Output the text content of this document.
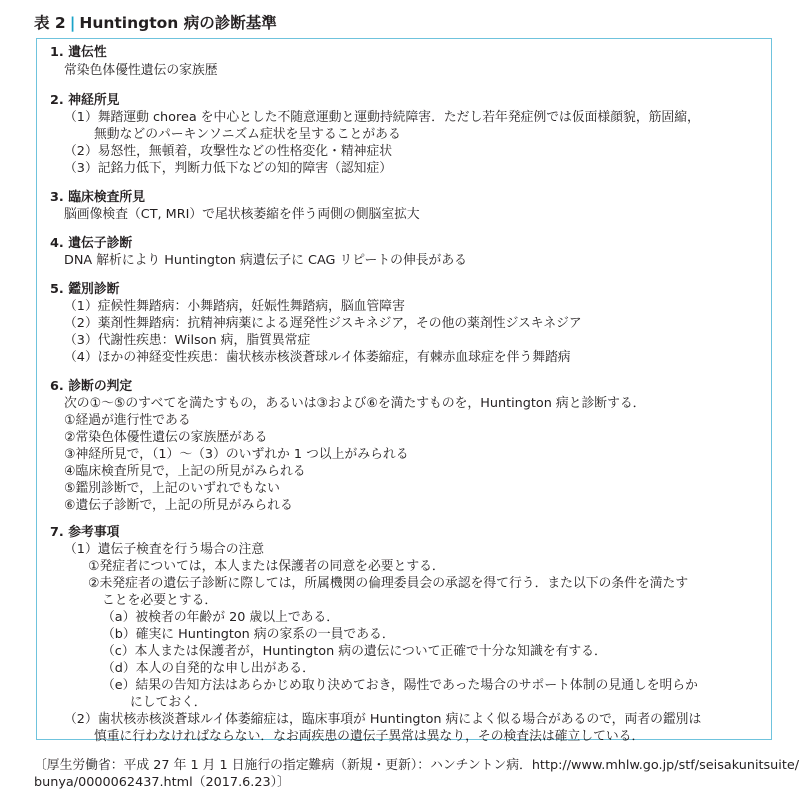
表 2 | Huntington 病の診断基準
1. 遺伝性
常染色体優性遺伝の家族歴
2. 神経所見
（1）舞踏運動 chorea を中心とした不随意運動と運動持続障害．ただし若年発症例では仮面様顔貌，筋固縮，
無動などのパーキンソニズム症状を呈することがある
（2）易怒性，無頓着，攻撃性などの性格変化・精神症状
（3）記銘力低下，判断力低下などの知的障害（認知症）
3. 臨床検査所見
脳画像検査（CT, MRI）で尾状核萎縮を伴う両側の側脳室拡大
4. 遺伝子診断
DNA 解析により Huntington 病遺伝子に CAG リピートの伸長がある
5. 鑑別診断
（1）症候性舞踏病：小舞踏病，妊娠性舞踏病，脳血管障害
（2）薬剤性舞踏病：抗精神病薬による遅発性ジスキネジア，その他の薬剤性ジスキネジア
（3）代謝性疾患：Wilson 病，脂質異常症
（4）ほかの神経変性疾患：歯状核赤核淡蒼球ルイ体萎縮症，有棘赤血球症を伴う舞踏病
6. 診断の判定
次の①～⑤のすべてを満たすもの，あるいは③および⑥を満たすものを，Huntington 病と診断する．
①経過が進行性である
②常染色体優性遺伝の家族歴がある
③神経所見で，（1）～（3）のいずれか 1 つ以上がみられる
④臨床検査所見で，上記の所見がみられる
⑤鑑別診断で，上記のいずれでもない
⑥遺伝子診断で，上記の所見がみられる
7. 参考事項
（1）遺伝子検査を行う場合の注意
①発症者については，本人または保護者の同意を必要とする．
②未発症者の遺伝子診断に際しては，所属機関の倫理委員会の承認を得て行う．また以下の条件を満たす
ことを必要とする．
（a）被検者の年齢が 20 歳以上である．
（b）確実に Huntington 病の家系の一員である．
（c）本人または保護者が，Huntington 病の遺伝について正確で十分な知識を有する．
（d）本人の自発的な申し出がある．
（e）結果の告知方法はあらかじめ取り決めておき，陽性であった場合のサポート体制の見通しを明らか
にしておく．
（2）歯状核赤核淡蒼球ルイ体萎縮症は，臨床事項が Huntington 病によく似る場合があるので，両者の鑑別は
慎重に行わなければならない．なお両疾患の遺伝子異常は異なり，その検査法は確立している．
〔厚生労働省：平成 27 年 1 月 1 日施行の指定難病（新規・更新）：ハンチントン病．http://www.mhlw.go.jp/stf/seisakunitsuite/
bunya/0000062437.html（2017.6.23）〕
